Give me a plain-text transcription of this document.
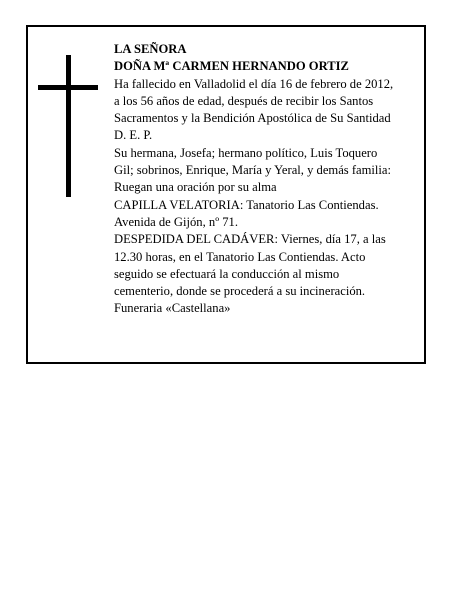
LA SEÑORA
DOÑA Mª CARMEN HERNANDO ORTIZ
Ha fallecido en Valladolid el día 16 de febrero de 2012,
a los 56 años de edad, después de recibir los Santos
Sacramentos y la Bendición Apostólica de Su Santidad
D. E. P.
Su hermana, Josefa; hermano político, Luis Toquero
Gil; sobrinos, Enrique, María y Yeral, y demás familia:
Ruegan una oración por su alma
CAPILLA VELATORIA: Tanatorio Las Contiendas.
Avenida de Gijón, nº 71.
DESPEDIDA DEL CADÁVER: Viernes, día 17, a las
12.30 horas, en el Tanatorio Las Contiendas. Acto
seguido se efectuará la conducción al mismo
cementerio, donde se procederá a su incineración.
Funeraria «Castellana»
